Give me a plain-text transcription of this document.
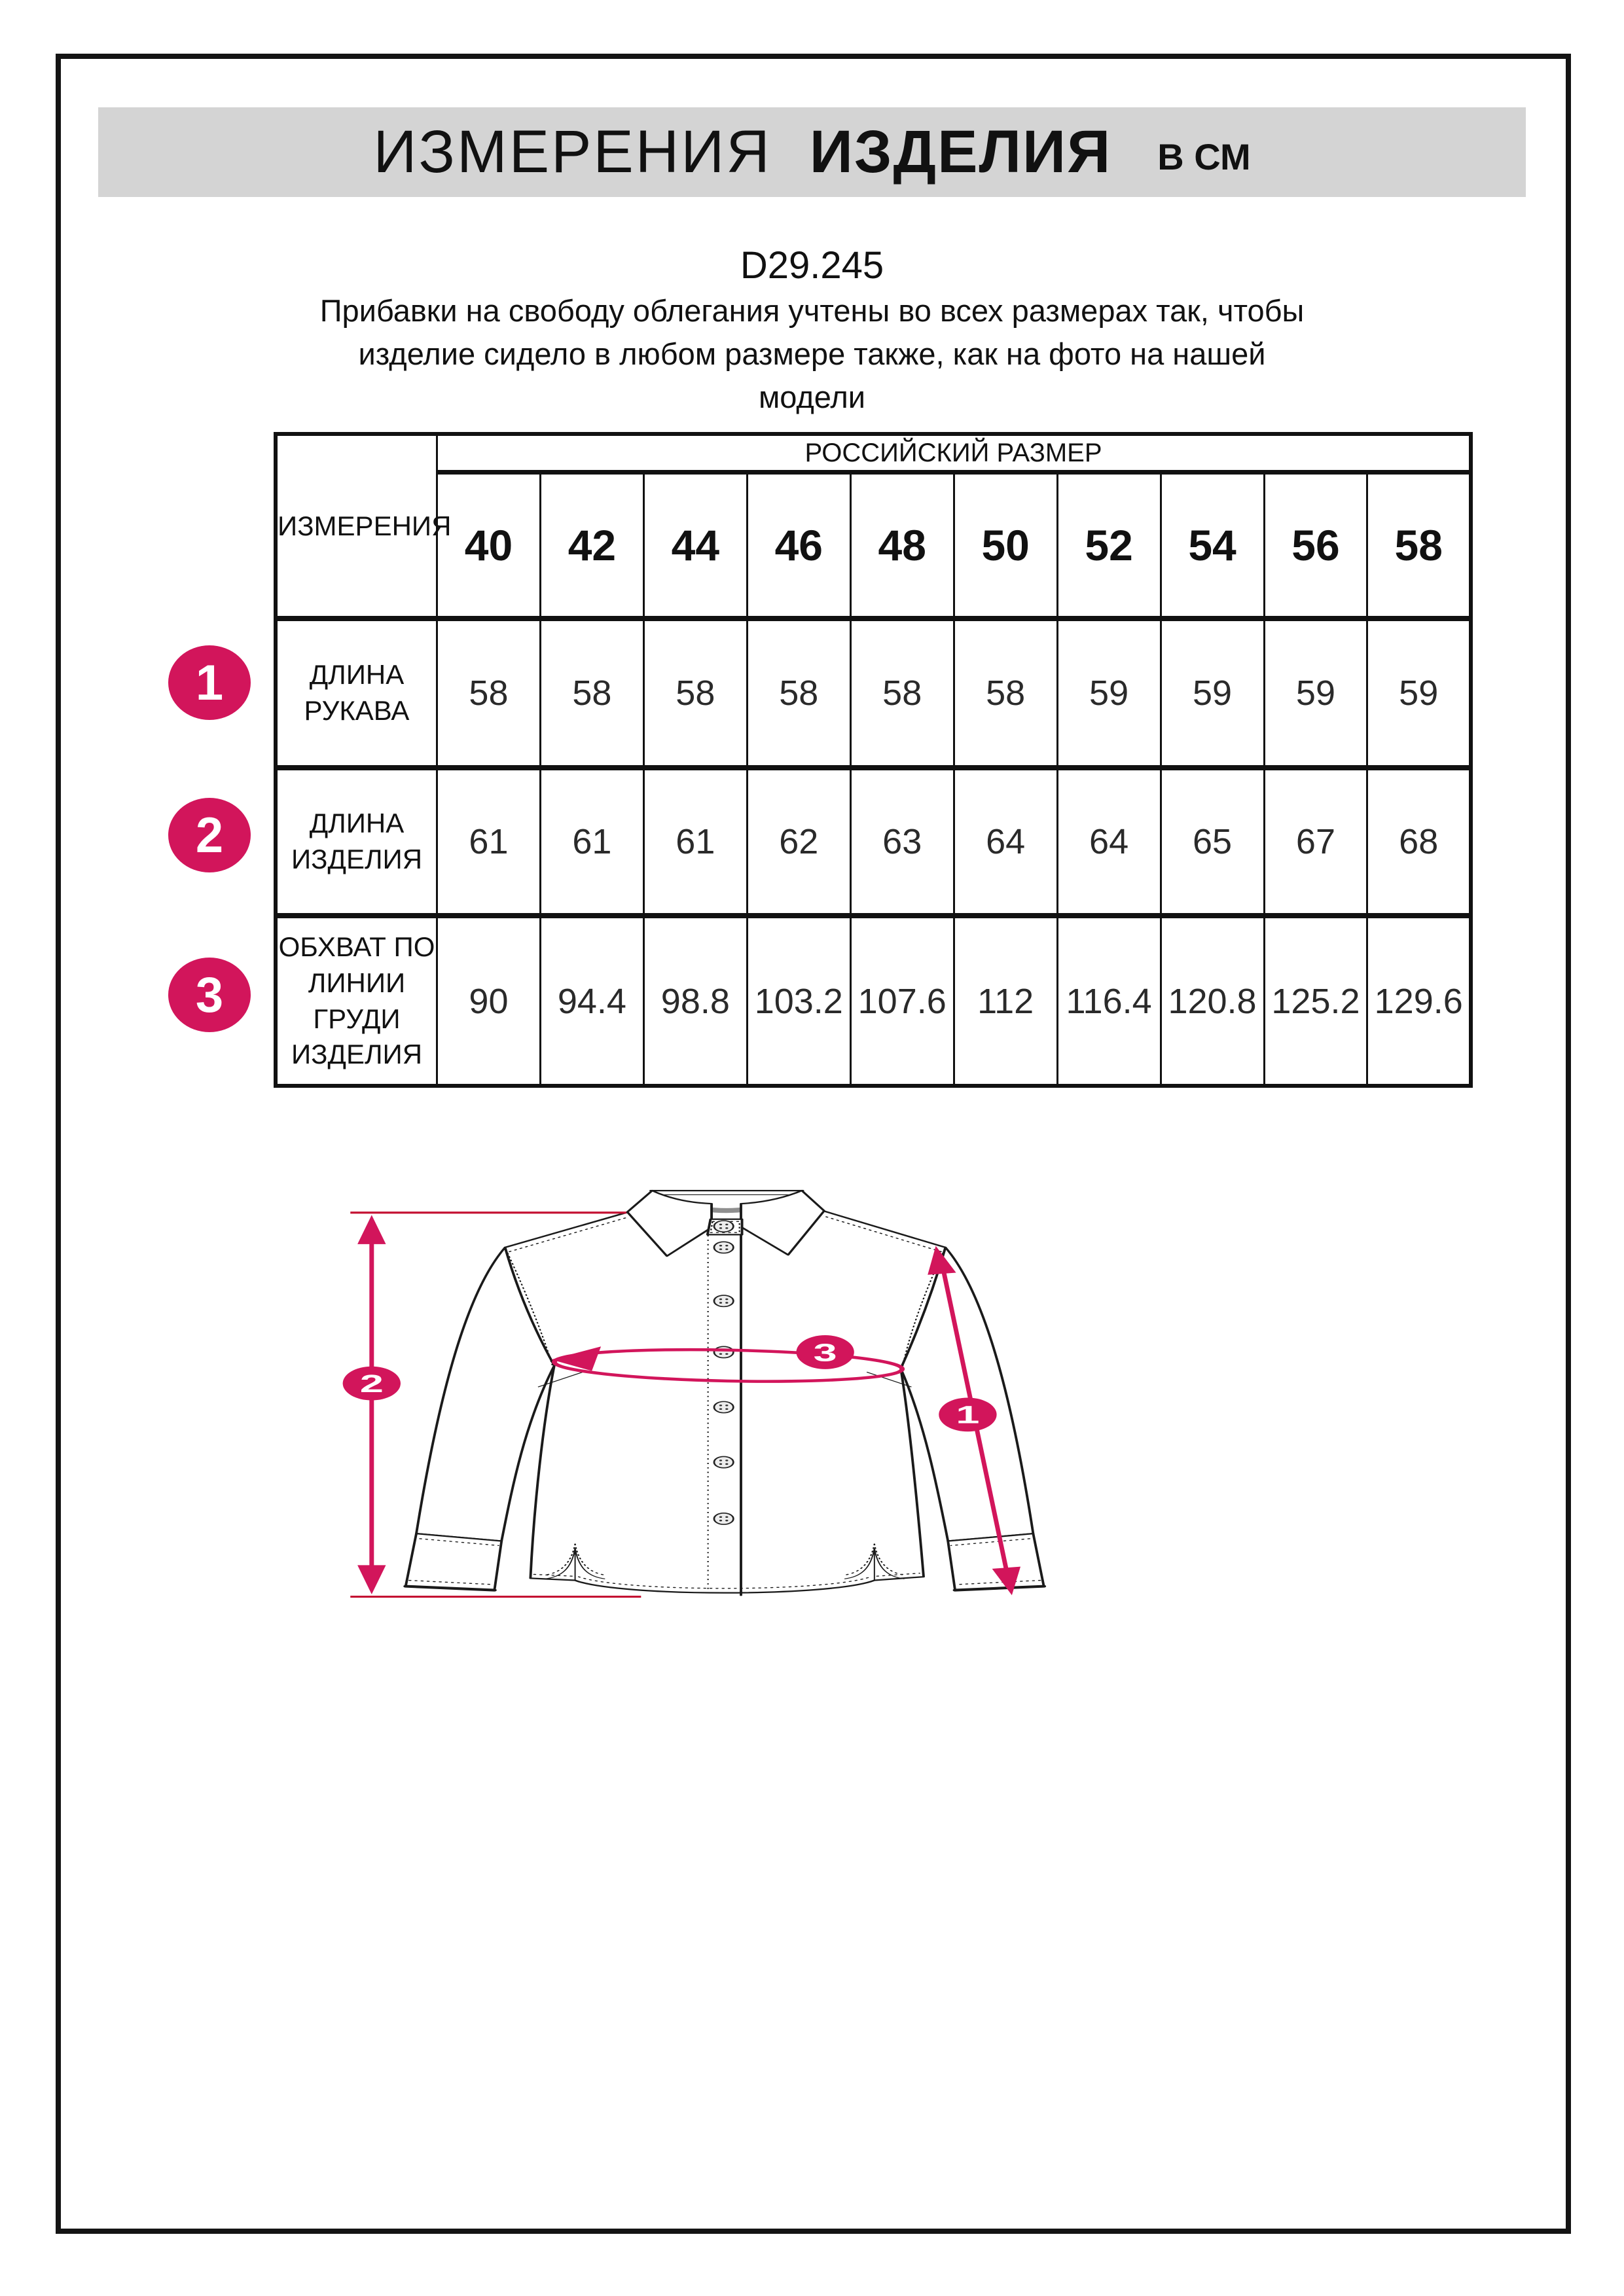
ИЗМЕРЕНИЯ ИЗДЕЛИЯ В СМ
D29.245
Прибавки на свободу облегания учтены во всех размерах так, чтобы
изделие сидело в любом размере также, как на фото на нашей
модели
ИЗМЕРЕНИЯ	РОССИЙСКИЙ РАЗМЕР									
	40	42	44	46	48	50	52	54	56	58
ДЛИНА РУКАВА	58	58	58	58	58	58	59	59	59	59
ДЛИНА ИЗДЕЛИЯ	61	61	61	62	63	64	64	65	67	68
ОБХВАТ ПО ЛИНИИ ГРУДИ ИЗДЕЛИЯ	90	94.4	98.8	103.2	107.6	112	116.4	120.8	125.2	129.6
1
2
3
2
3
1
